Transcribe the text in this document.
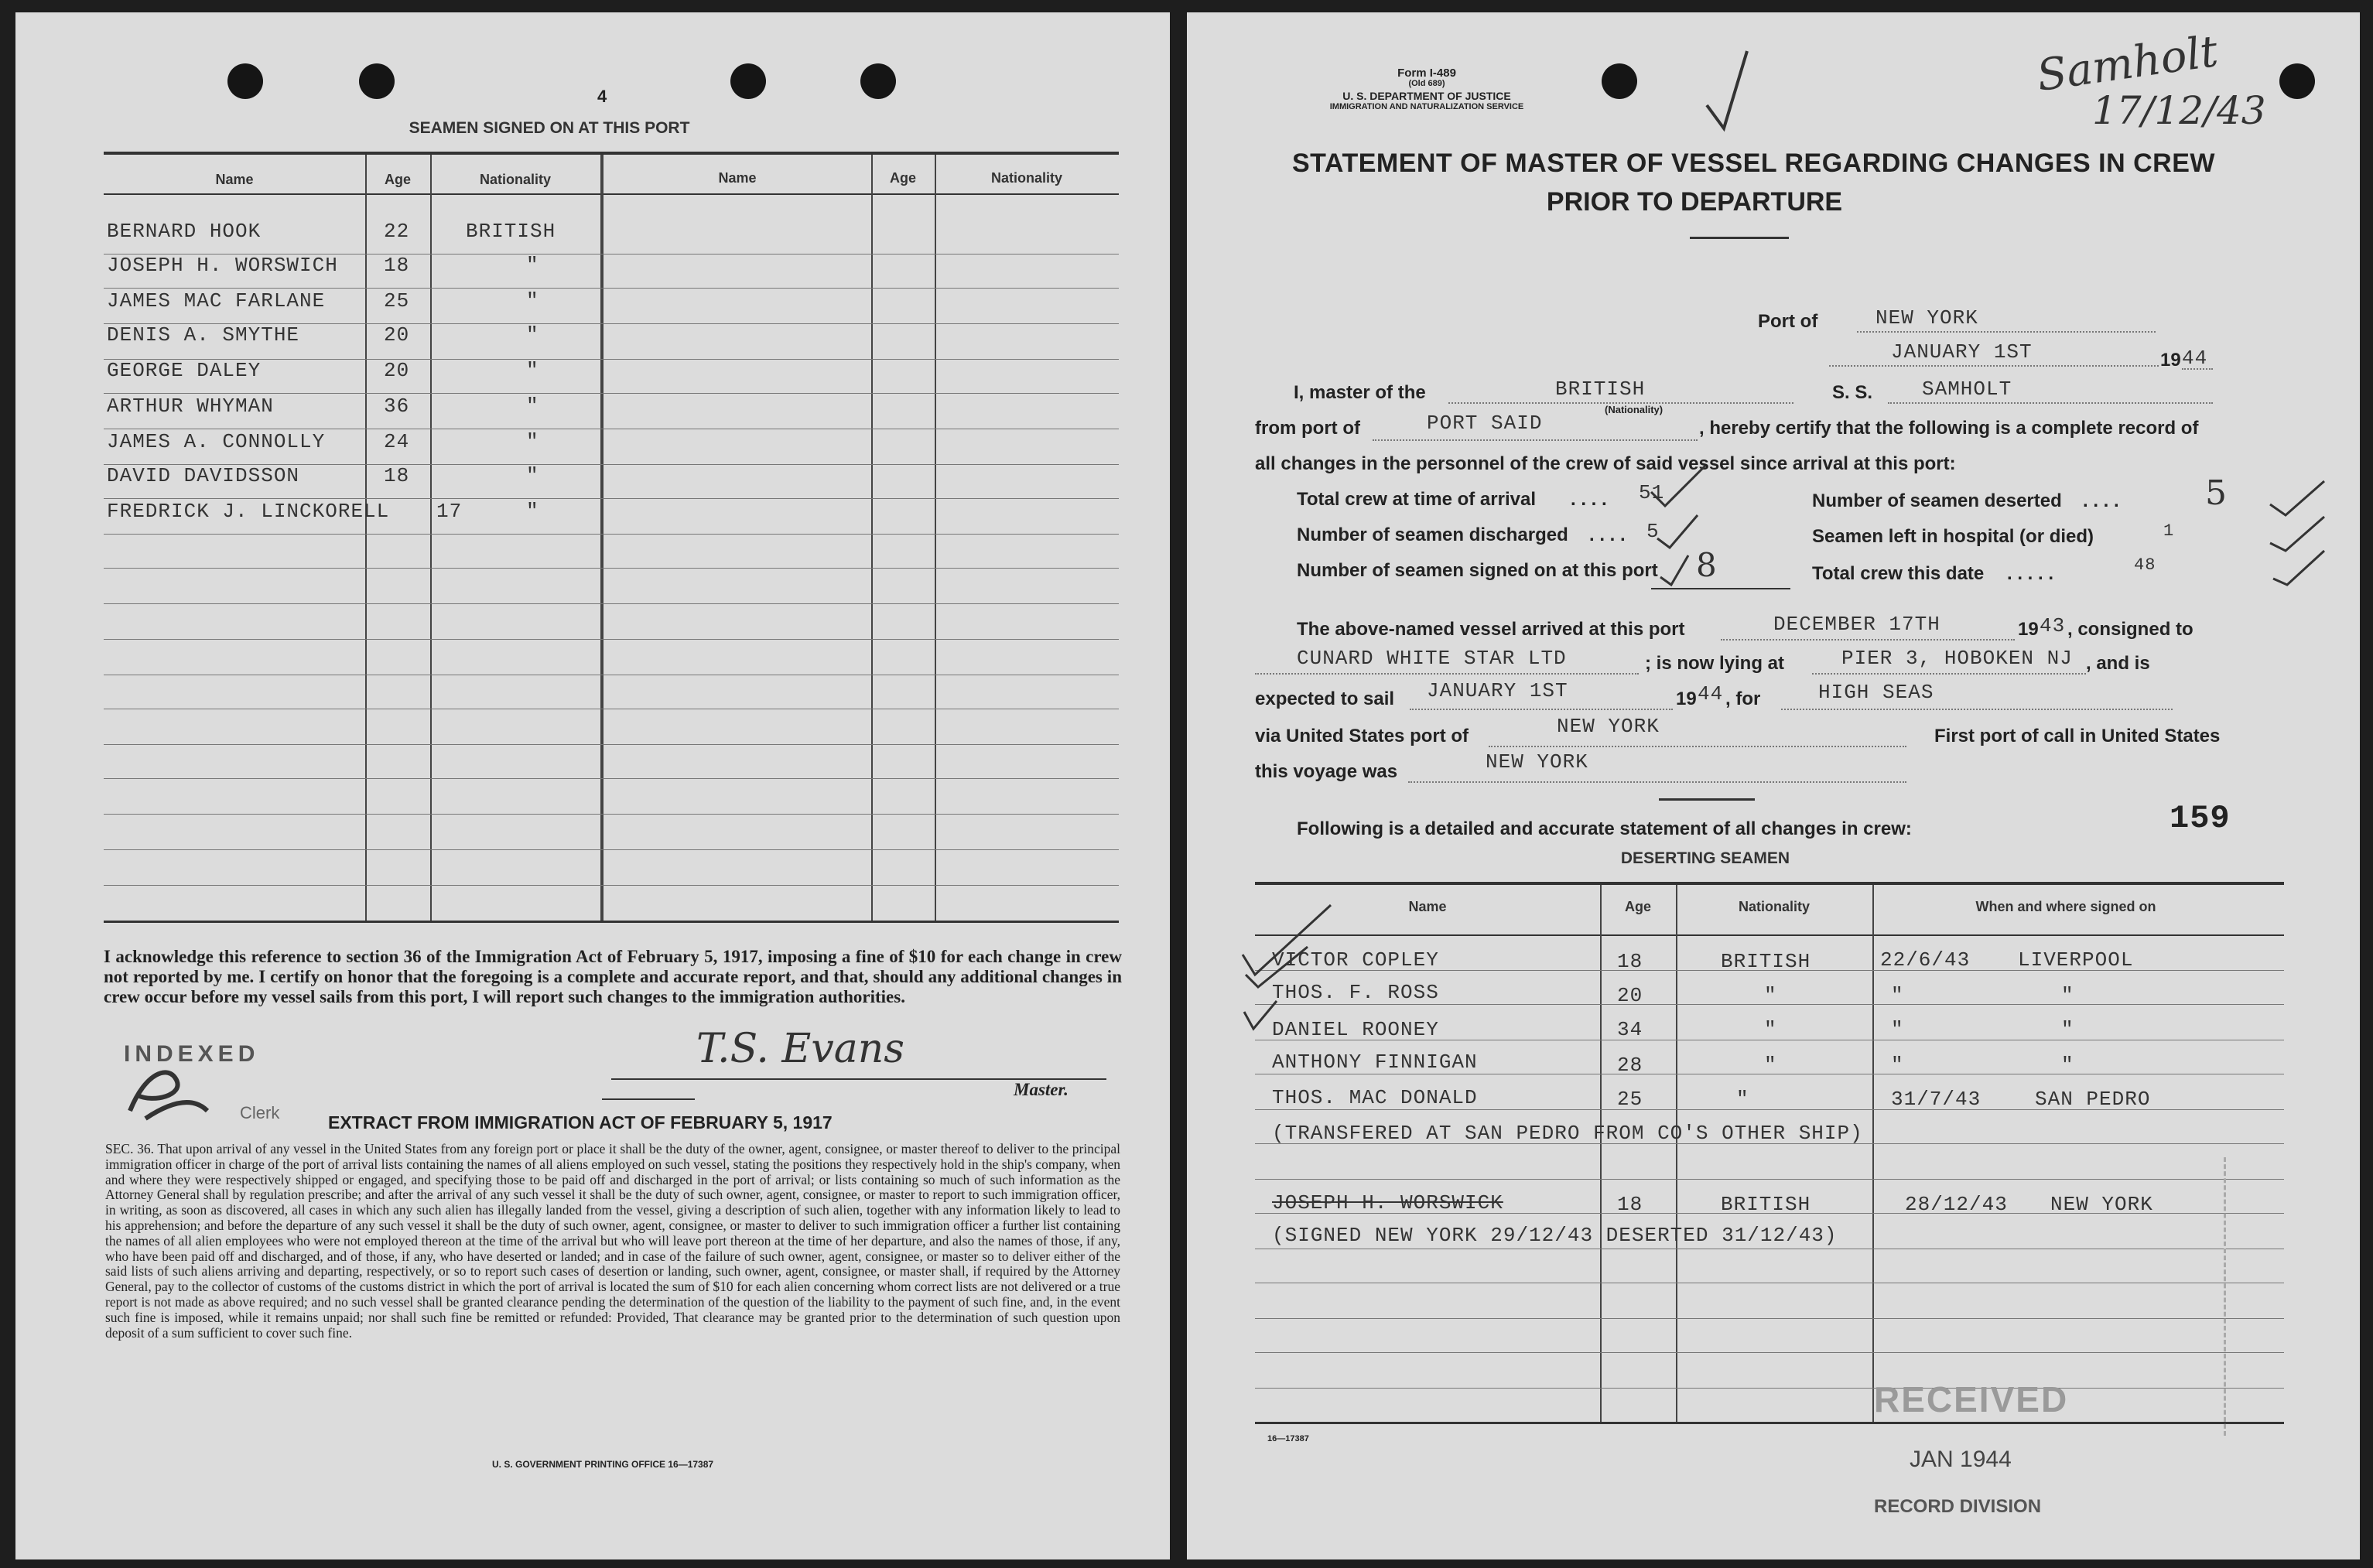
4
SEAMEN SIGNED ON AT THIS PORT
Name	Age	Nationality	Name	Age	Nationality
BERNARD HOOK	22	BRITISH
JOSEPH H. WORSWICH 18	"
JAMES MAC FARLANE	25	"
DENIS A. SMYTHE	20	"
GEORGE DALEY	20	"
ARTHUR WHYMAN	36	"
JAMES A. CONNOLLY	24	"
DAVID DAVIDSSON	18	"
FREDRICK J. LINCKORELL 17	"
I acknowledge this reference to section 36 of the Immigration Act of February 5, 1917, imposing a fine of $10 for each change in crew not reported by me. I certify on honor that the foregoing is a complete and accurate report, and that, should any additional changes in crew occur before my vessel sails from this port, I will report such changes to the immigration authorities.
INDEXED
Clerk
T.S. Evans
Master.
EXTRACT FROM IMMIGRATION ACT OF FEBRUARY 5, 1917
SEC. 36. That upon arrival of any vessel in the United States from any foreign port or place it shall be the duty of the owner, agent, consignee, or master thereof to deliver to the principal immigration officer in charge of the port of arrival lists containing the names of all aliens employed on such vessel, stating the positions they respectively hold in the ship's company, when and where they were respectively shipped or engaged, and specifying those to be paid off and discharged in the port of arrival; or lists containing so much of such information as the Attorney General shall by regulation prescribe; and after the arrival of any such vessel it shall be the duty of such owner, agent, consignee, or master to report to such immigration officer, in writing, as soon as discovered, all cases in which any such alien has illegally landed from the vessel, giving a description of such alien, together with any information likely to lead to his apprehension; and before the departure of any such vessel it shall be the duty of such owner, agent, consignee, or master to deliver to such immigration officer a further list containing the names of all alien employees who were not employed thereon at the time of the arrival but who will leave port thereon at the time of her departure, and also the names of those, if any, who have been paid off and discharged, and of those, if any, who have deserted or landed; and in case of the failure of such owner, agent, consignee, or master so to deliver either of the said lists of such aliens arriving and departing, respectively, or so to report such cases of desertion or landing, such owner, agent, consignee, or master shall, if required by the Attorney General, pay to the collector of customs of the customs district in which the port of arrival is located the sum of $10 for each alien concerning whom correct lists are not delivered or a true report is not made as above required; and no such vessel shall be granted clearance pending the determination of the question of the liability to the payment of such fine, and, in the event such fine is imposed, while it remains unpaid; nor shall such fine be remitted or refunded: Provided, That clearance may be granted prior to the determination of such question upon deposit of a sum sufficient to cover such fine.
U. S. GOVERNMENT PRINTING OFFICE 16—17387
Form I-489
(Old 689)
U. S. DEPARTMENT OF JUSTICE
IMMIGRATION AND NATURALIZATION SERVICE
Samholt
17/12/43
STATEMENT OF MASTER OF VESSEL REGARDING CHANGES IN CREW
PRIOR TO DEPARTURE
Port of	NEW YORK
JANUARY 1ST	19 44
I, master of the	BRITISH
(Nationality)
S. S. SAMHOLT
from port of	PORT SAID	, hereby certify that the following is a complete record of
all changes in the personnel of the crew of said vessel since arrival at this port:
Total crew at time of arrival	51
. . . .
Number of seamen discharged	5
. . . .
Number of seamen signed on at this port 8
Number of seamen deserted	5
. . . .
Seamen left in hospital (or died)	1
Total crew this date	48
. . . . .
The above-named vessel arrived at this port	DECEMBER 17TH	19 43 , consigned to
CUNARD WHITE STAR LTD	; is now lying at	PIER 3, HOBOKEN NJ , and is
expected to sail JANUARY 1ST	19 44 , for	HIGH SEAS
via United States port of	NEW YORK	First port of call in United States
this voyage was	NEW YORK
Following is a detailed and accurate statement of all changes in crew:	159
DESERTING SEAMEN
Name	Age	Nationality	When and where signed on
VICTOR COPLEY	18	BRITISH	22/6/43 LIVERPOOL
THOS. F. ROSS	20	"	"	"
DANIEL ROONEY	34	"	"	"
ANTHONY FINNIGAN	28	"	"	"
THOS. MAC DONALD	25	"	31/7/43	SAN PEDRO
(TRANSFERED AT SAN PEDRO FROM CO'S OTHER SHIP)
JOSEPH H. WORSWICK	18	BRITISH	28/12/43 NEW YORK
(SIGNED NEW YORK 29/12/43 DESERTED 31/12/43)
16—17387
RECEIVED
JAN 1944
RECORD DIVISION
